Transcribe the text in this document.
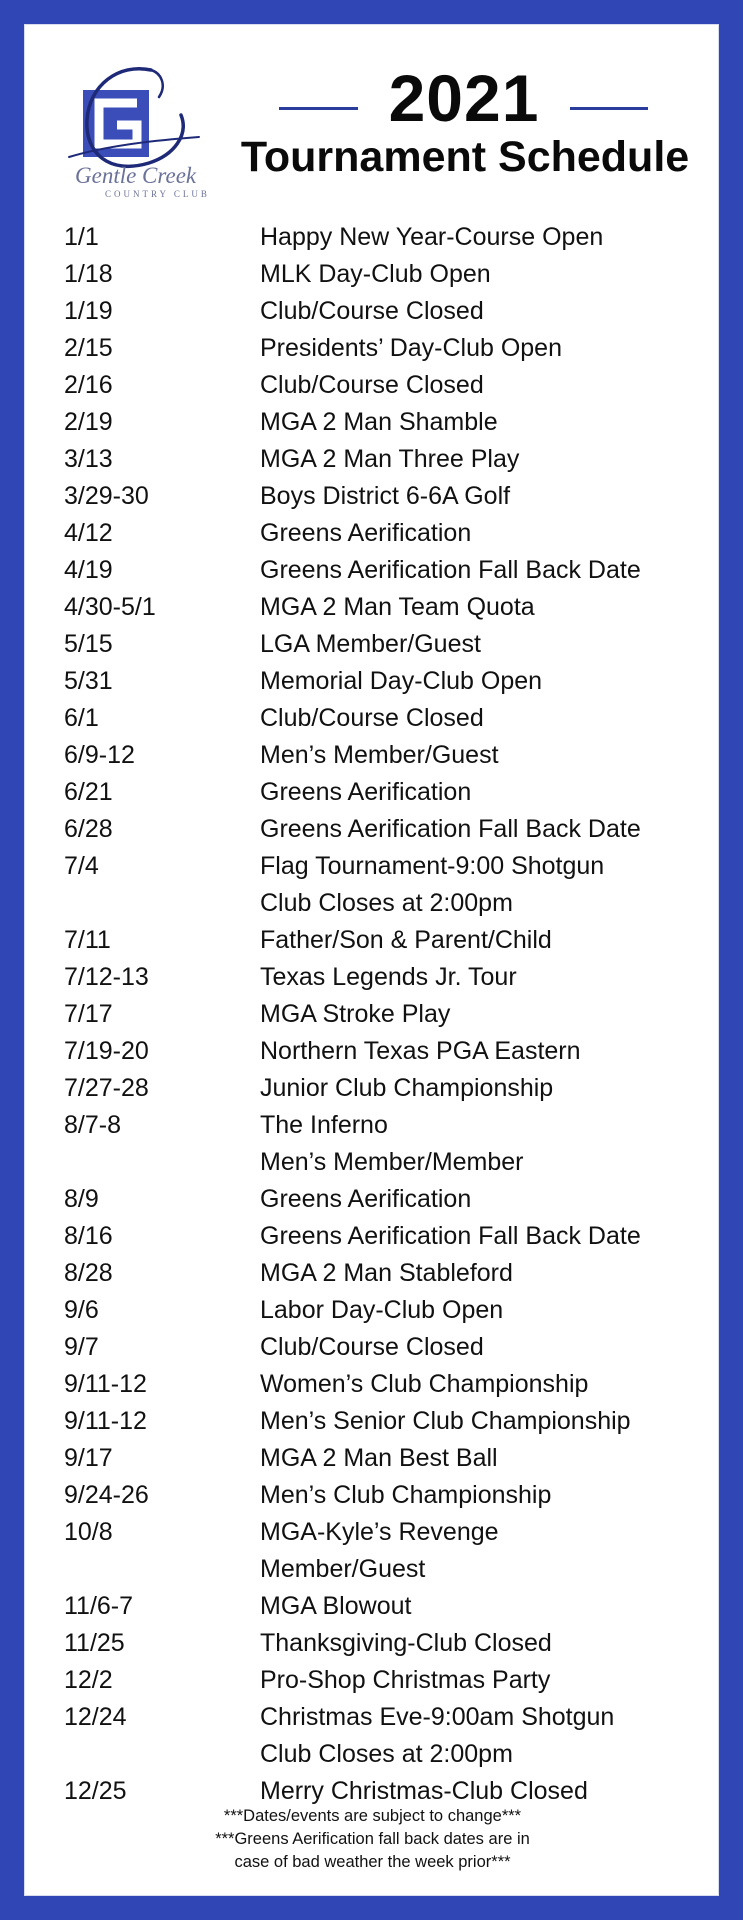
Gentle Creek
COUNTRY CLUB
2021
Tournament Schedule
1/1	Happy New Year-Course Open
1/18	MLK Day-Club Open
1/19	Club/Course Closed
2/15	Presidents’ Day-Club Open
2/16	Club/Course Closed
2/19	MGA 2 Man Shamble
3/13	MGA 2 Man Three Play
3/29-30	Boys District 6-6A Golf
4/12	Greens Aerification
4/19	Greens Aerification Fall Back Date
4/30-5/1	MGA 2 Man Team Quota
5/15	LGA Member/Guest
5/31	Memorial Day-Club Open
6/1	Club/Course Closed
6/9-12	Men’s Member/Guest
6/21	Greens Aerification
6/28	Greens Aerification Fall Back Date
7/4	Flag Tournament-9:00 Shotgun
Club Closes at 2:00pm
7/11	Father/Son & Parent/Child
7/12-13	Texas Legends Jr. Tour
7/17	MGA Stroke Play
7/19-20	Northern Texas PGA Eastern
7/27-28	Junior Club Championship
8/7-8	The Inferno
Men’s Member/Member
8/9	Greens Aerification
8/16	Greens Aerification Fall Back Date
8/28	MGA 2 Man Stableford
9/6	Labor Day-Club Open
9/7	Club/Course Closed
9/11-12	Women’s Club Championship
9/11-12	Men’s Senior Club Championship
9/17	MGA 2 Man Best Ball
9/24-26	Men’s Club Championship
10/8	MGA-Kyle’s Revenge
Member/Guest
11/6-7	MGA Blowout
11/25	Thanksgiving-Club Closed
12/2	Pro-Shop Christmas Party
12/24	Christmas Eve-9:00am Shotgun
Club Closes at 2:00pm
12/25	Merry Christmas-Club Closed
***Dates/events are subject to change***
***Greens Aerification fall back dates are in
case of bad weather the week prior***
